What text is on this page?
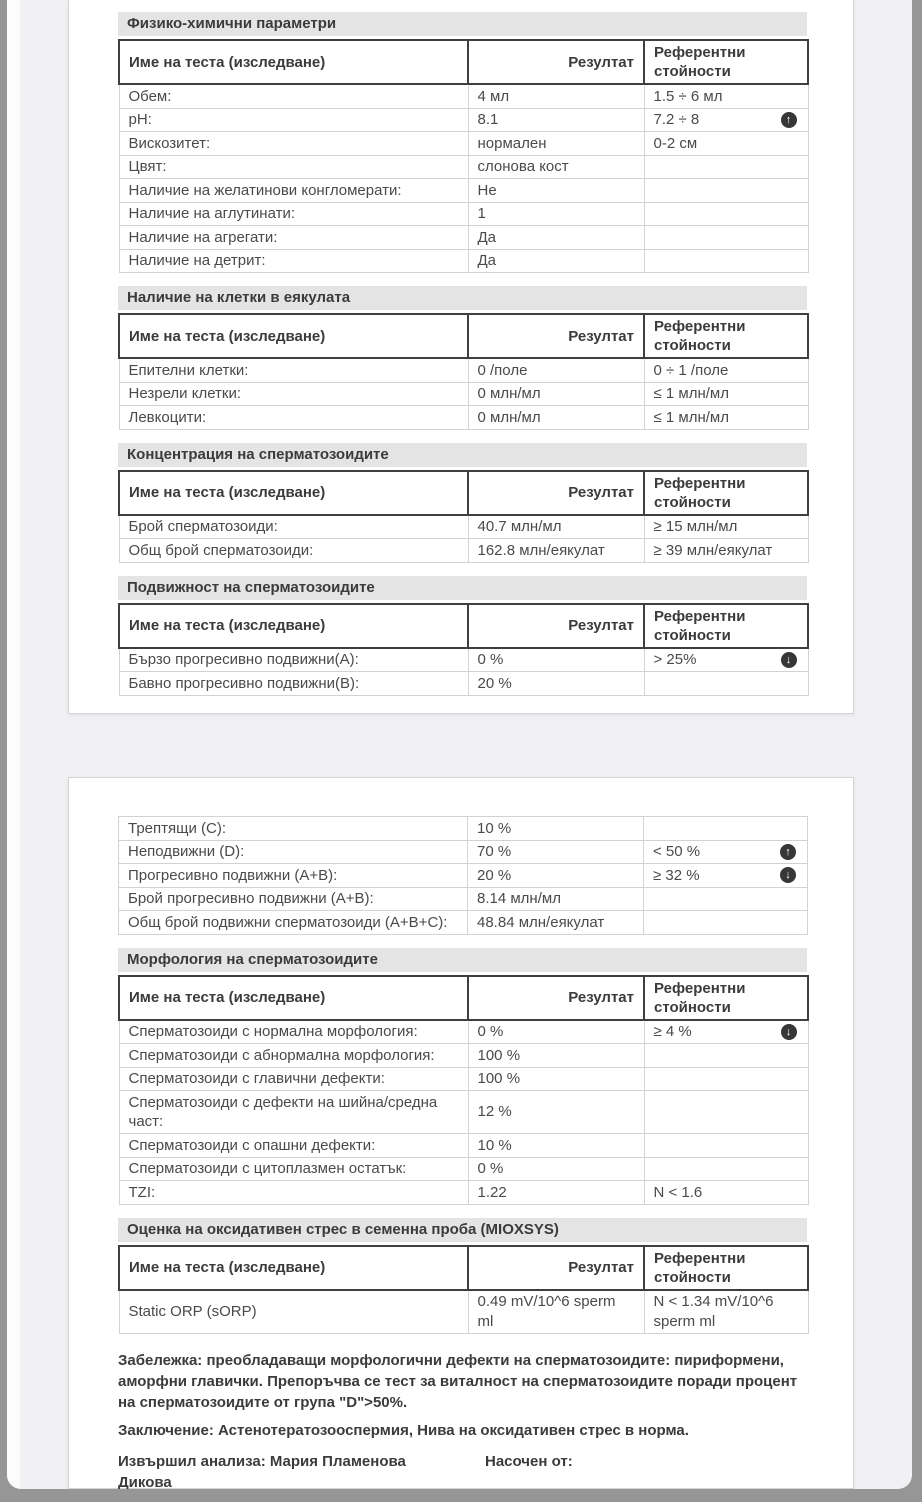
Физико-химични параметри
Име на теста (изследване)	Резултат	Референтни
стойности

Обем:	4 мл	1.5 ÷ 6 мл
pH:	8.1	7.2 ÷ 8 ↑

Вискозитет:	нормален	0-2 см
Цвят:	слонова кост	
Наличие на желатинови конгломерати:	Не	
Наличие на аглутинати:	1	
Наличие на агрегати:	Да	
Наличие на детрит:	Да	
Наличие на клетки в еякулата
Име на теста (изследване)	Резултат	Референтни
стойности

Епителни клетки:	0 /поле	0 ÷ 1 /поле
Незрели клетки:	0 млн/мл	≤ 1 млн/мл
Левкоцити:	0 млн/мл	≤ 1 млн/мл
Концентрация на сперматозоидите
Име на теста (изследване)	Резултат	Референтни
стойности

Брой сперматозоиди:	40.7 млн/мл	≥ 15 млн/мл
Общ брой сперматозоиди:	162.8 млн/еякулат	≥ 39 млн/еякулат
Подвижност на сперматозоидите
Име на теста (изследване)	Резултат	Референтни
стойности

Бързо прогресивно подвижни(A):	0 %	> 25% ↓

Бавно прогресивно подвижни(B):	20 %	
Трептящи (C):	10 %	
Неподвижни (D):	70 %	< 50 % ↑

Прогресивно подвижни (A+B):	20 %	≥ 32 % ↓

Брой прогресивно подвижни (A+B):	8.14 млн/мл	
Общ брой подвижни сперматозоиди (A+B+C):	48.84 млн/еякулат	
Морфология на сперматозоидите
Име на теста (изследване)	Резултат	Референтни
стойности

Сперматозоиди с нормална морфология:	0 %	≥ 4 % ↓

Сперматозоиди с абнормална морфология:	100 %	
Сперматозоиди с главични дефекти:	100 %	
Сперматозоиди с дефекти на шийна/средна част:	12 %	
Сперматозоиди с опашни дефекти:	10 %	
Сперматозоиди с цитоплазмен остатък:	0 %	
TZI:	1.22	N < 1.6
Оценка на оксидативен стрес в семенна проба (MIOXSYS)
Име на теста (изследване)	Резултат	Референтни
стойности

Static ORP (sORP)	0.49 mV/10^6 sperm ml	N < 1.34 mV/10^6 sperm ml

Забележка: преобладаващи морфологични дефекти на сперматозоидите: пириформени, аморфни главички. Препоръчва се тест за виталност на сперматозоидите поради процент на сперматозоидите от група "D">50%.

Заключение: Астенотератозооспермия, Нива на оксидативен стрес в норма.

Извършил анализа: Мария Пламенова Дикова
Насочен от:
